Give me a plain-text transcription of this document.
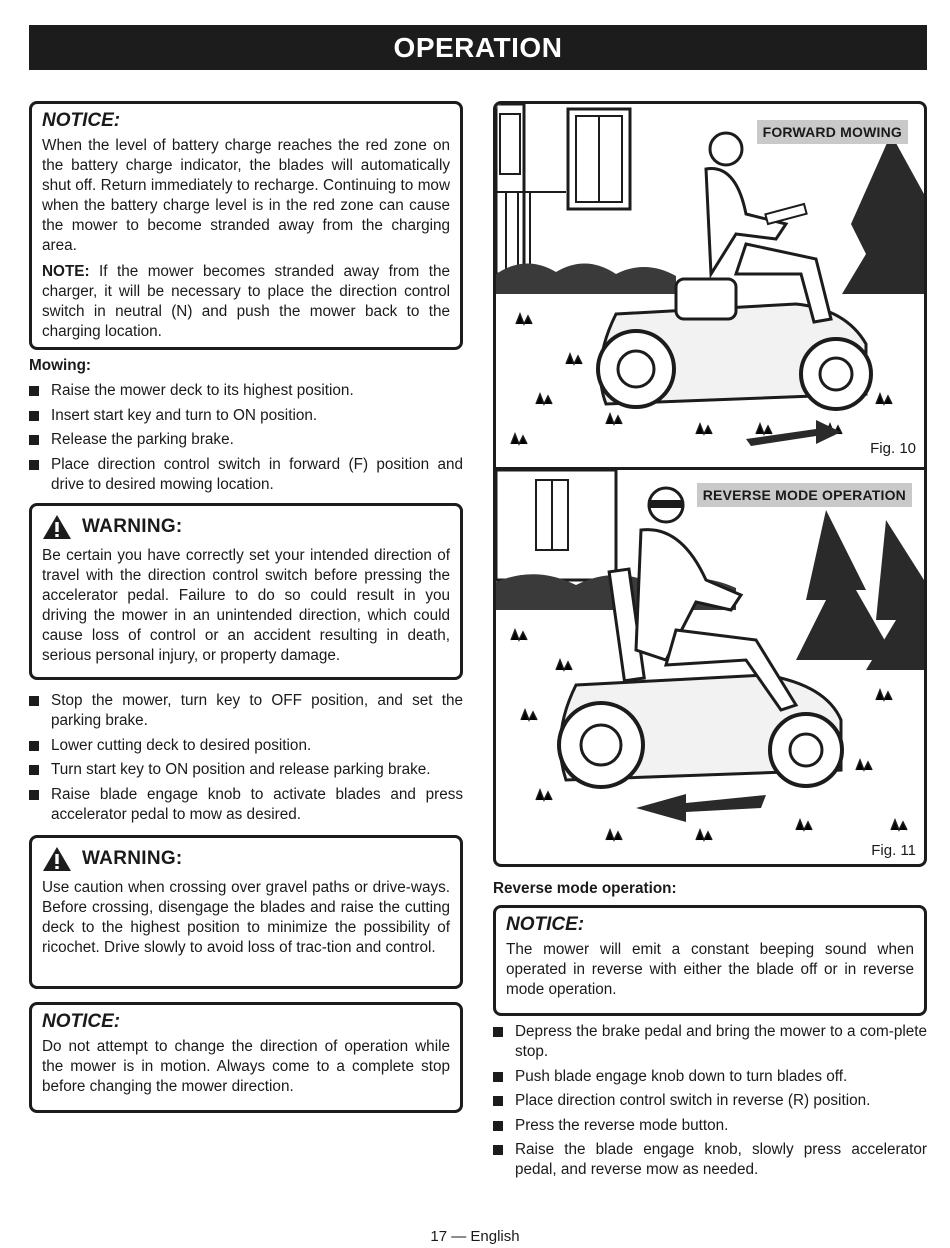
OPERATION
NOTICE:

When the level of battery charge reaches the red zone on the battery charge indicator, the blades will automatically shut off. Return immediately to recharge. Continuing to mow when the battery charge level is in the red zone can cause the mower to become stranded away from the charging area.

NOTE: If the mower becomes stranded away from the charger, it will be necessary to place the direction control switch in neutral (N) and push the mower back to the charging location.

Mowing:
Raise the mower deck to its highest position.
Insert start key and turn to ON position.
Release the parking brake.
Place direction control switch in forward (F) position and drive to desired mowing location.
WARNING:

Be certain you have correctly set your intended direction of travel with the direction control switch before pressing the accelerator pedal. Failure to do so could result in you driving the mower in an unintended direction, which could cause loss of control or an accident resulting in death, serious personal injury, or property damage.

Stop the mower, turn key to OFF position, and set the parking brake.
Lower cutting deck to desired position.
Turn start key to ON position and release parking brake.
Raise blade engage knob to activate blades and press accelerator pedal to mow as desired.
WARNING:

Use caution when crossing over gravel paths or drive-ways. Before crossing, disengage the blades and raise the cutting deck to the highest position to minimize the possibility of ricochet. Drive slowly to avoid loss of trac-tion and control.

NOTICE:

Do not attempt to change the direction of operation while the mower is in motion. Always come to a complete stop before changing the mower direction.

FORWARD MOWING
Fig. 10
REVERSE MODE OPERATION
Fig. 11
Reverse mode operation:
NOTICE:

The mower will emit a constant beeping sound when operated in reverse with either the blade off or in reverse mode operation.

Depress the brake pedal and bring the mower to a com-plete stop.
Push blade engage knob down to turn blades off.
Place direction control switch in reverse (R) position.
Press the reverse mode button.
Raise the blade engage knob, slowly press accelerator pedal, and reverse mow as needed.
17 — English
